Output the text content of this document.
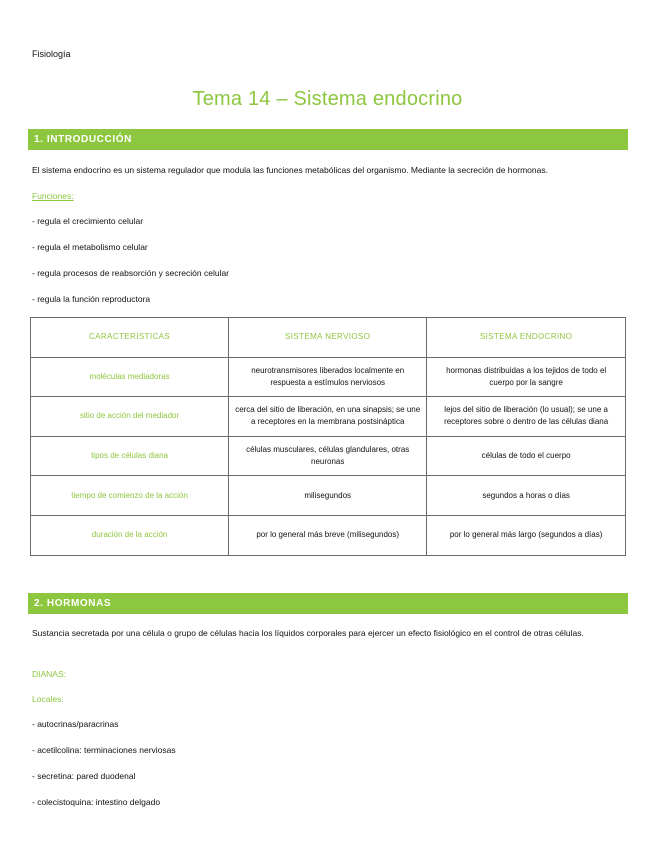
Fisiología
Tema 14 – Sistema endocrino
1. INTRODUCCIÓN
El sistema endocrino es un sistema regulador que modula las funciones metabólicas del organismo. Mediante la secreción de hormonas.
Funciones:
- regula el crecimiento celular
- regula el metabolismo celular
- regula procesos de reabsorción y secreción celular
- regula la función reproductora
CARACTERÍSTICAS	SISTEMA NERVIOSO	SISTEMA ENDOCRINO
moléculas mediadoras	neurotransmisores liberados localmente en respuesta a estímulos nerviosos	hormonas distribuidas a los tejidos de todo el cuerpo por la sangre
sitio de acción del mediador	cerca del sitio de liberación, en una sinapsis; se une a receptores en la membrana postsináptica	lejos del sitio de liberación (lo usual); se une a receptores sobre o dentro de las células diana
tipos de células diana	células musculares, células glandulares, otras neuronas	células de todo el cuerpo
tiempo de comienzo de la acción	milisegundos	segundos a horas o días
duración de la acción	por lo general más breve (milisegundos)	por lo general más largo (segundos a días)
2. HORMONAS
Sustancia secretada por una célula o grupo de células hacia los líquidos corporales para ejercer un efecto fisiológico en el control de otras células.
DIANAS:
Locales:
- autocrinas/paracrinas
- acetilcolina: terminaciones nerviosas
- secretina: pared duodenal
- colecistoquina: intestino delgado
